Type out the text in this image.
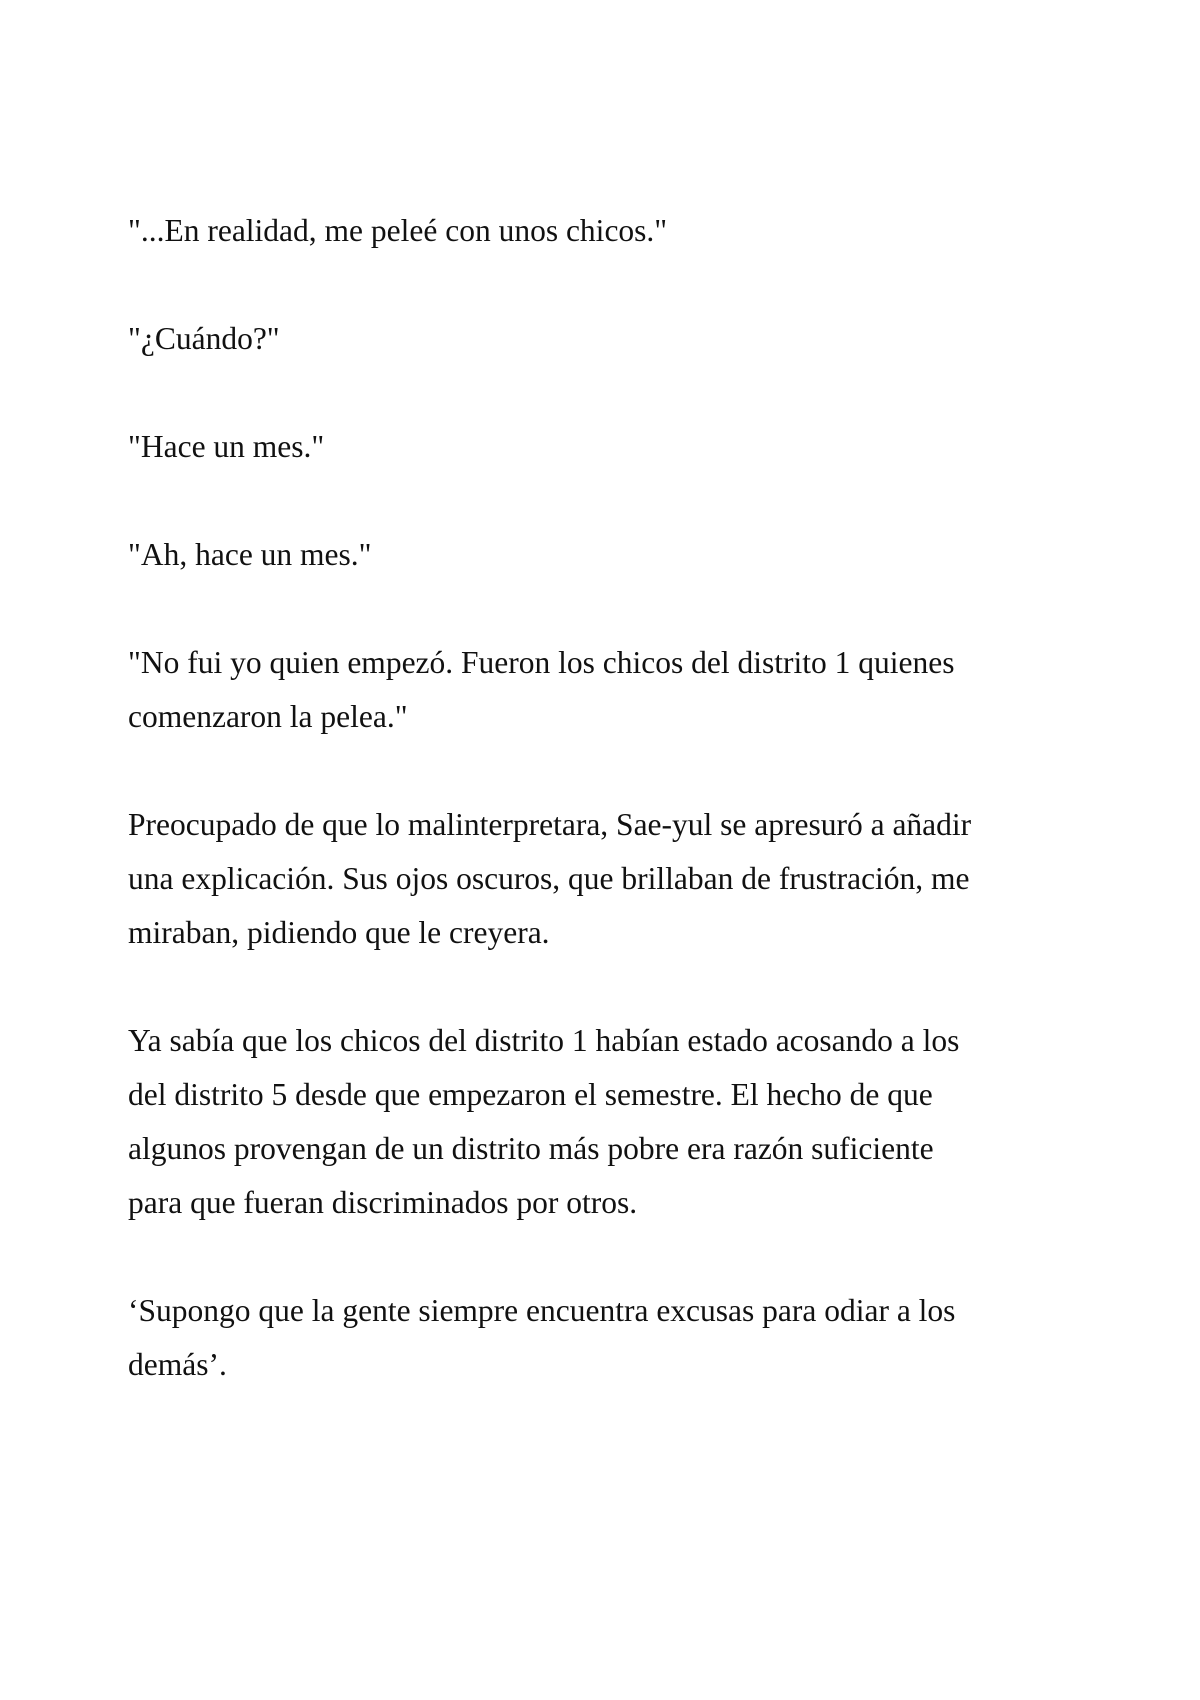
"...En realidad, me peleé con unos chicos."

"¿Cuándo?"

"Hace un mes."

"Ah, hace un mes."

"No fui yo quien empezó. Fueron los chicos del distrito 1 quienes
comenzaron la pelea."

Preocupado de que lo malinterpretara, Sae-yul se apresuró a añadir
una explicación. Sus ojos oscuros, que brillaban de frustración, me
miraban, pidiendo que le creyera.

Ya sabía que los chicos del distrito 1 habían estado acosando a los
del distrito 5 desde que empezaron el semestre. El hecho de que
algunos provengan de un distrito más pobre era razón suficiente
para que fueran discriminados por otros.

‘Supongo que la gente siempre encuentra excusas para odiar a los
demás’.
